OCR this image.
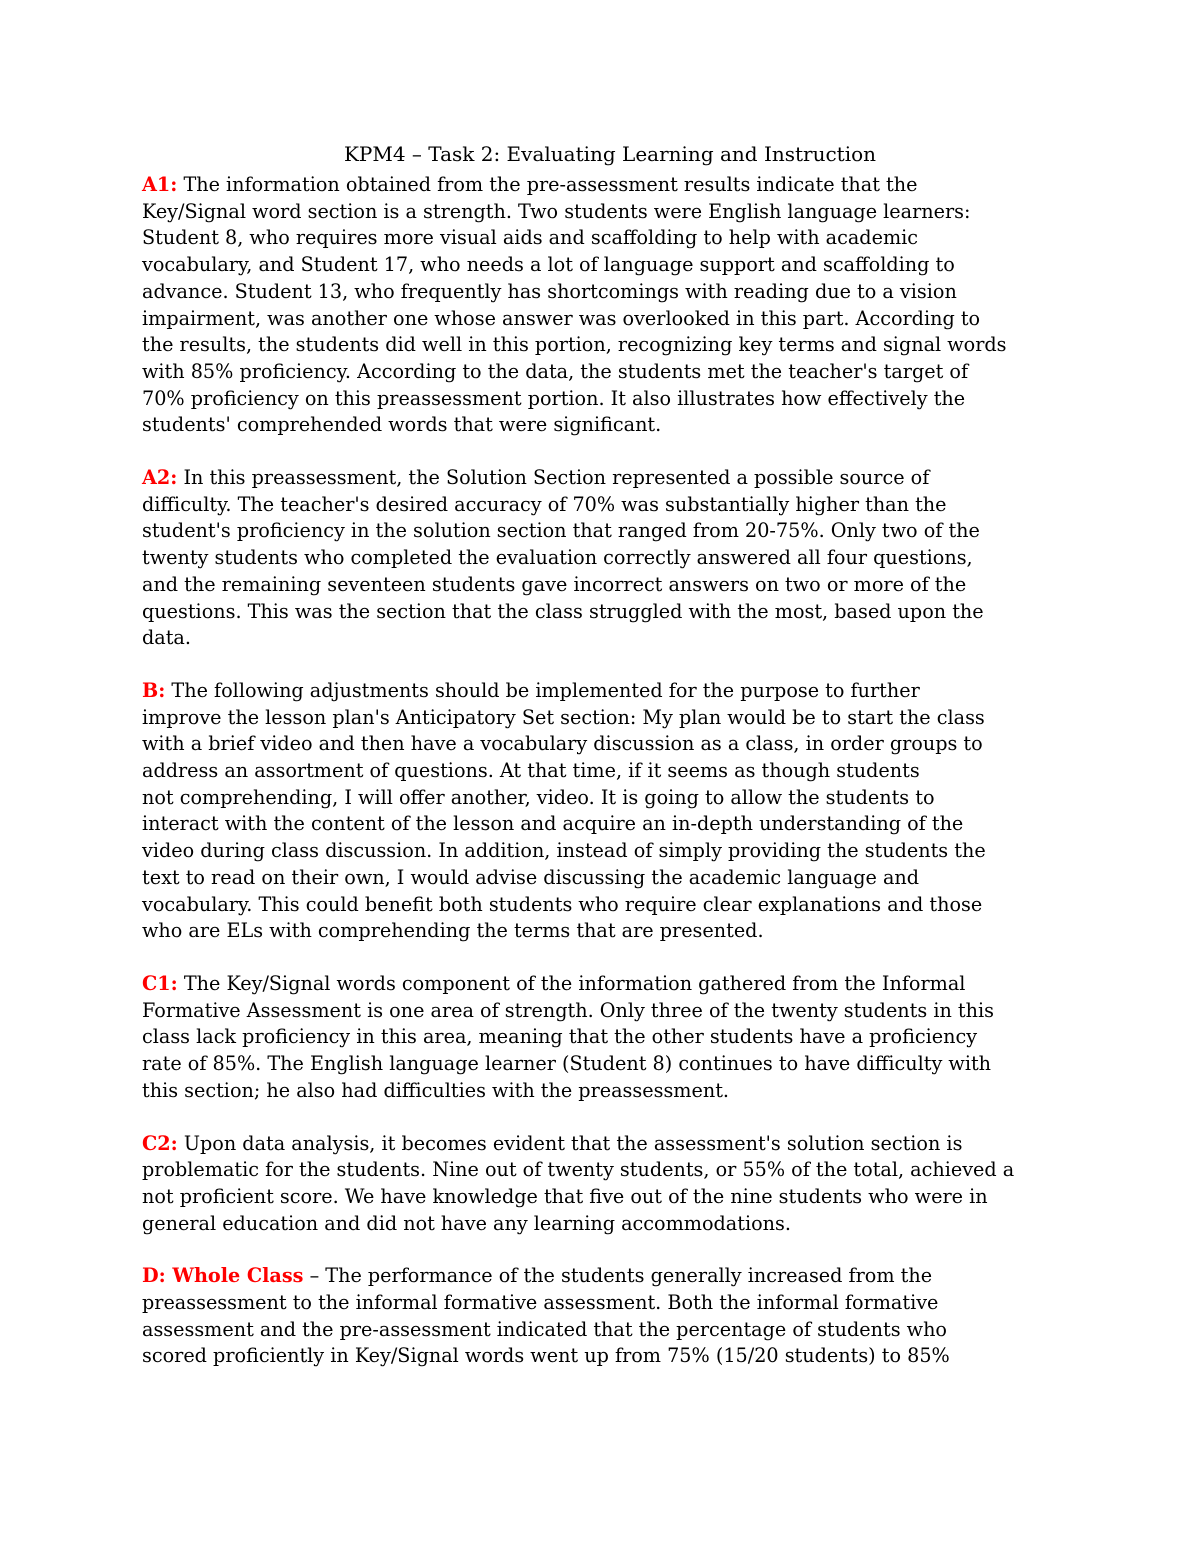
KPM4 – Task 2: Evaluating Learning and Instruction
A1: The information obtained from the pre-assessment results indicate that the
Key/Signal word section is a strength. Two students were English language learners:
Student 8, who requires more visual aids and scaffolding to help with academic
vocabulary, and Student 17, who needs a lot of language support and scaffolding to
advance. Student 13, who frequently has shortcomings with reading due to a vision
impairment, was another one whose answer was overlooked in this part. According to
the results, the students did well in this portion, recognizing key terms and signal words
with 85% proficiency. According to the data, the students met the teacher's target of
70% proficiency on this preassessment portion. It also illustrates how effectively the
students' comprehended words that were significant.
A2: In this preassessment, the Solution Section represented a possible source of
difficulty. The teacher's desired accuracy of 70% was substantially higher than the
student's proficiency in the solution section that ranged from 20-75%. Only two of the
twenty students who completed the evaluation correctly answered all four questions,
and the remaining seventeen students gave incorrect answers on two or more of the
questions. This was the section that the class struggled with the most, based upon the
data.
B: The following adjustments should be implemented for the purpose to further
improve the lesson plan's Anticipatory Set section: My plan would be to start the class
with a brief video and then have a vocabulary discussion as a class, in order groups to
address an assortment of questions. At that time, if it seems as though students
not comprehending, I will offer another, video. It is going to allow the students to
interact with the content of the lesson and acquire an in-depth understanding of the
video during class discussion. In addition, instead of simply providing the students the
text to read on their own, I would advise discussing the academic language and
vocabulary. This could benefit both students who require clear explanations and those
who are ELs with comprehending the terms that are presented.
C1: The Key/Signal words component of the information gathered from the Informal
Formative Assessment is one area of strength. Only three of the twenty students in this
class lack proficiency in this area, meaning that the other students have a proficiency
rate of 85%. The English language learner (Student 8) continues to have difficulty with
this section; he also had difficulties with the preassessment.
C2: Upon data analysis, it becomes evident that the assessment's solution section is
problematic for the students. Nine out of twenty students, or 55% of the total, achieved a
not proficient score. We have knowledge that five out of the nine students who were in
general education and did not have any learning accommodations.
D: Whole Class – The performance of the students generally increased from the
preassessment to the informal formative assessment. Both the informal formative
assessment and the pre-assessment indicated that the percentage of students who
scored proficiently in Key/Signal words went up from 75% (15/20 students) to 85%
